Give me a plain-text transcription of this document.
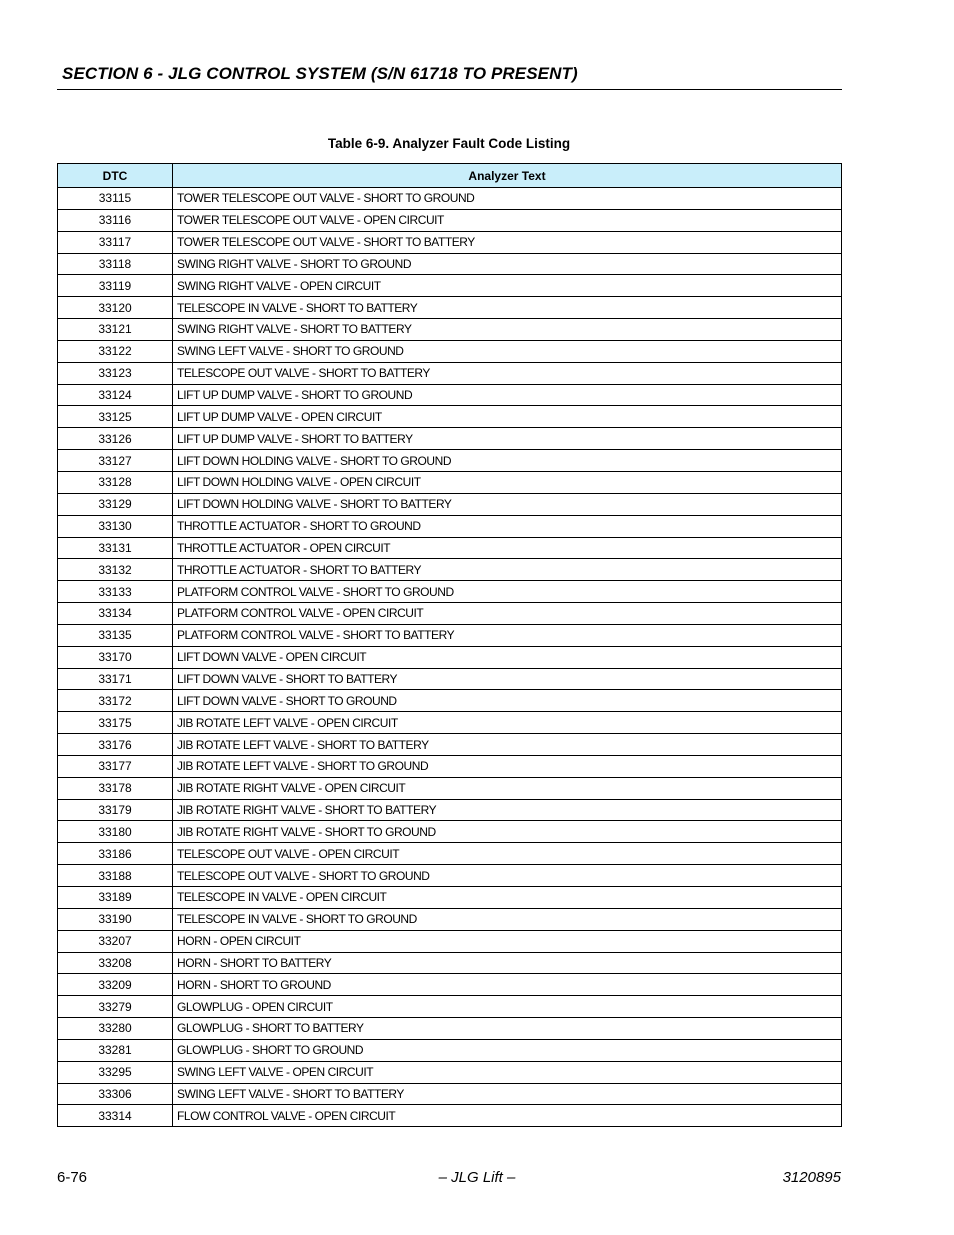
SECTION 6 - JLG CONTROL SYSTEM (S/N 61718 TO PRESENT)
Table 6-9. Analyzer Fault Code Listing
DTC	Analyzer Text
33115	TOWER TELESCOPE OUT VALVE - SHORT TO GROUND
33116	TOWER TELESCOPE OUT VALVE - OPEN CIRCUIT
33117	TOWER TELESCOPE OUT VALVE - SHORT TO BATTERY
33118	SWING RIGHT VALVE - SHORT TO GROUND
33119	SWING RIGHT VALVE - OPEN CIRCUIT
33120	TELESCOPE IN VALVE - SHORT TO BATTERY
33121	SWING RIGHT VALVE - SHORT TO BATTERY
33122	SWING LEFT VALVE - SHORT TO GROUND
33123	TELESCOPE OUT VALVE - SHORT TO BATTERY
33124	LIFT UP DUMP VALVE - SHORT TO GROUND
33125	LIFT UP DUMP VALVE - OPEN CIRCUIT
33126	LIFT UP DUMP VALVE - SHORT TO BATTERY
33127	LIFT DOWN HOLDING VALVE - SHORT TO GROUND
33128	LIFT DOWN HOLDING VALVE - OPEN CIRCUIT
33129	LIFT DOWN HOLDING VALVE - SHORT TO BATTERY
33130	THROTTLE ACTUATOR - SHORT TO GROUND
33131	THROTTLE ACTUATOR - OPEN CIRCUIT
33132	THROTTLE ACTUATOR - SHORT TO BATTERY
33133	PLATFORM CONTROL VALVE - SHORT TO GROUND
33134	PLATFORM CONTROL VALVE - OPEN CIRCUIT
33135	PLATFORM CONTROL VALVE - SHORT TO BATTERY
33170	LIFT DOWN VALVE - OPEN CIRCUIT
33171	LIFT DOWN VALVE - SHORT TO BATTERY
33172	LIFT DOWN VALVE - SHORT TO GROUND
33175	JIB ROTATE LEFT VALVE - OPEN CIRCUIT
33176	JIB ROTATE LEFT VALVE - SHORT TO BATTERY
33177	JIB ROTATE LEFT VALVE - SHORT TO GROUND
33178	JIB ROTATE RIGHT VALVE - OPEN CIRCUIT
33179	JIB ROTATE RIGHT VALVE - SHORT TO BATTERY
33180	JIB ROTATE RIGHT VALVE - SHORT TO GROUND
33186	TELESCOPE OUT VALVE - OPEN CIRCUIT
33188	TELESCOPE OUT VALVE - SHORT TO GROUND
33189	TELESCOPE IN VALVE - OPEN CIRCUIT
33190	TELESCOPE IN VALVE - SHORT TO GROUND
33207	HORN - OPEN CIRCUIT
33208	HORN - SHORT TO BATTERY
33209	HORN - SHORT TO GROUND
33279	GLOWPLUG - OPEN CIRCUIT
33280	GLOWPLUG - SHORT TO BATTERY
33281	GLOWPLUG - SHORT TO GROUND
33295	SWING LEFT VALVE - OPEN CIRCUIT
33306	SWING LEFT VALVE - SHORT TO BATTERY
33314	FLOW CONTROL VALVE - OPEN CIRCUIT
6-76	– JLG Lift –	3120895
